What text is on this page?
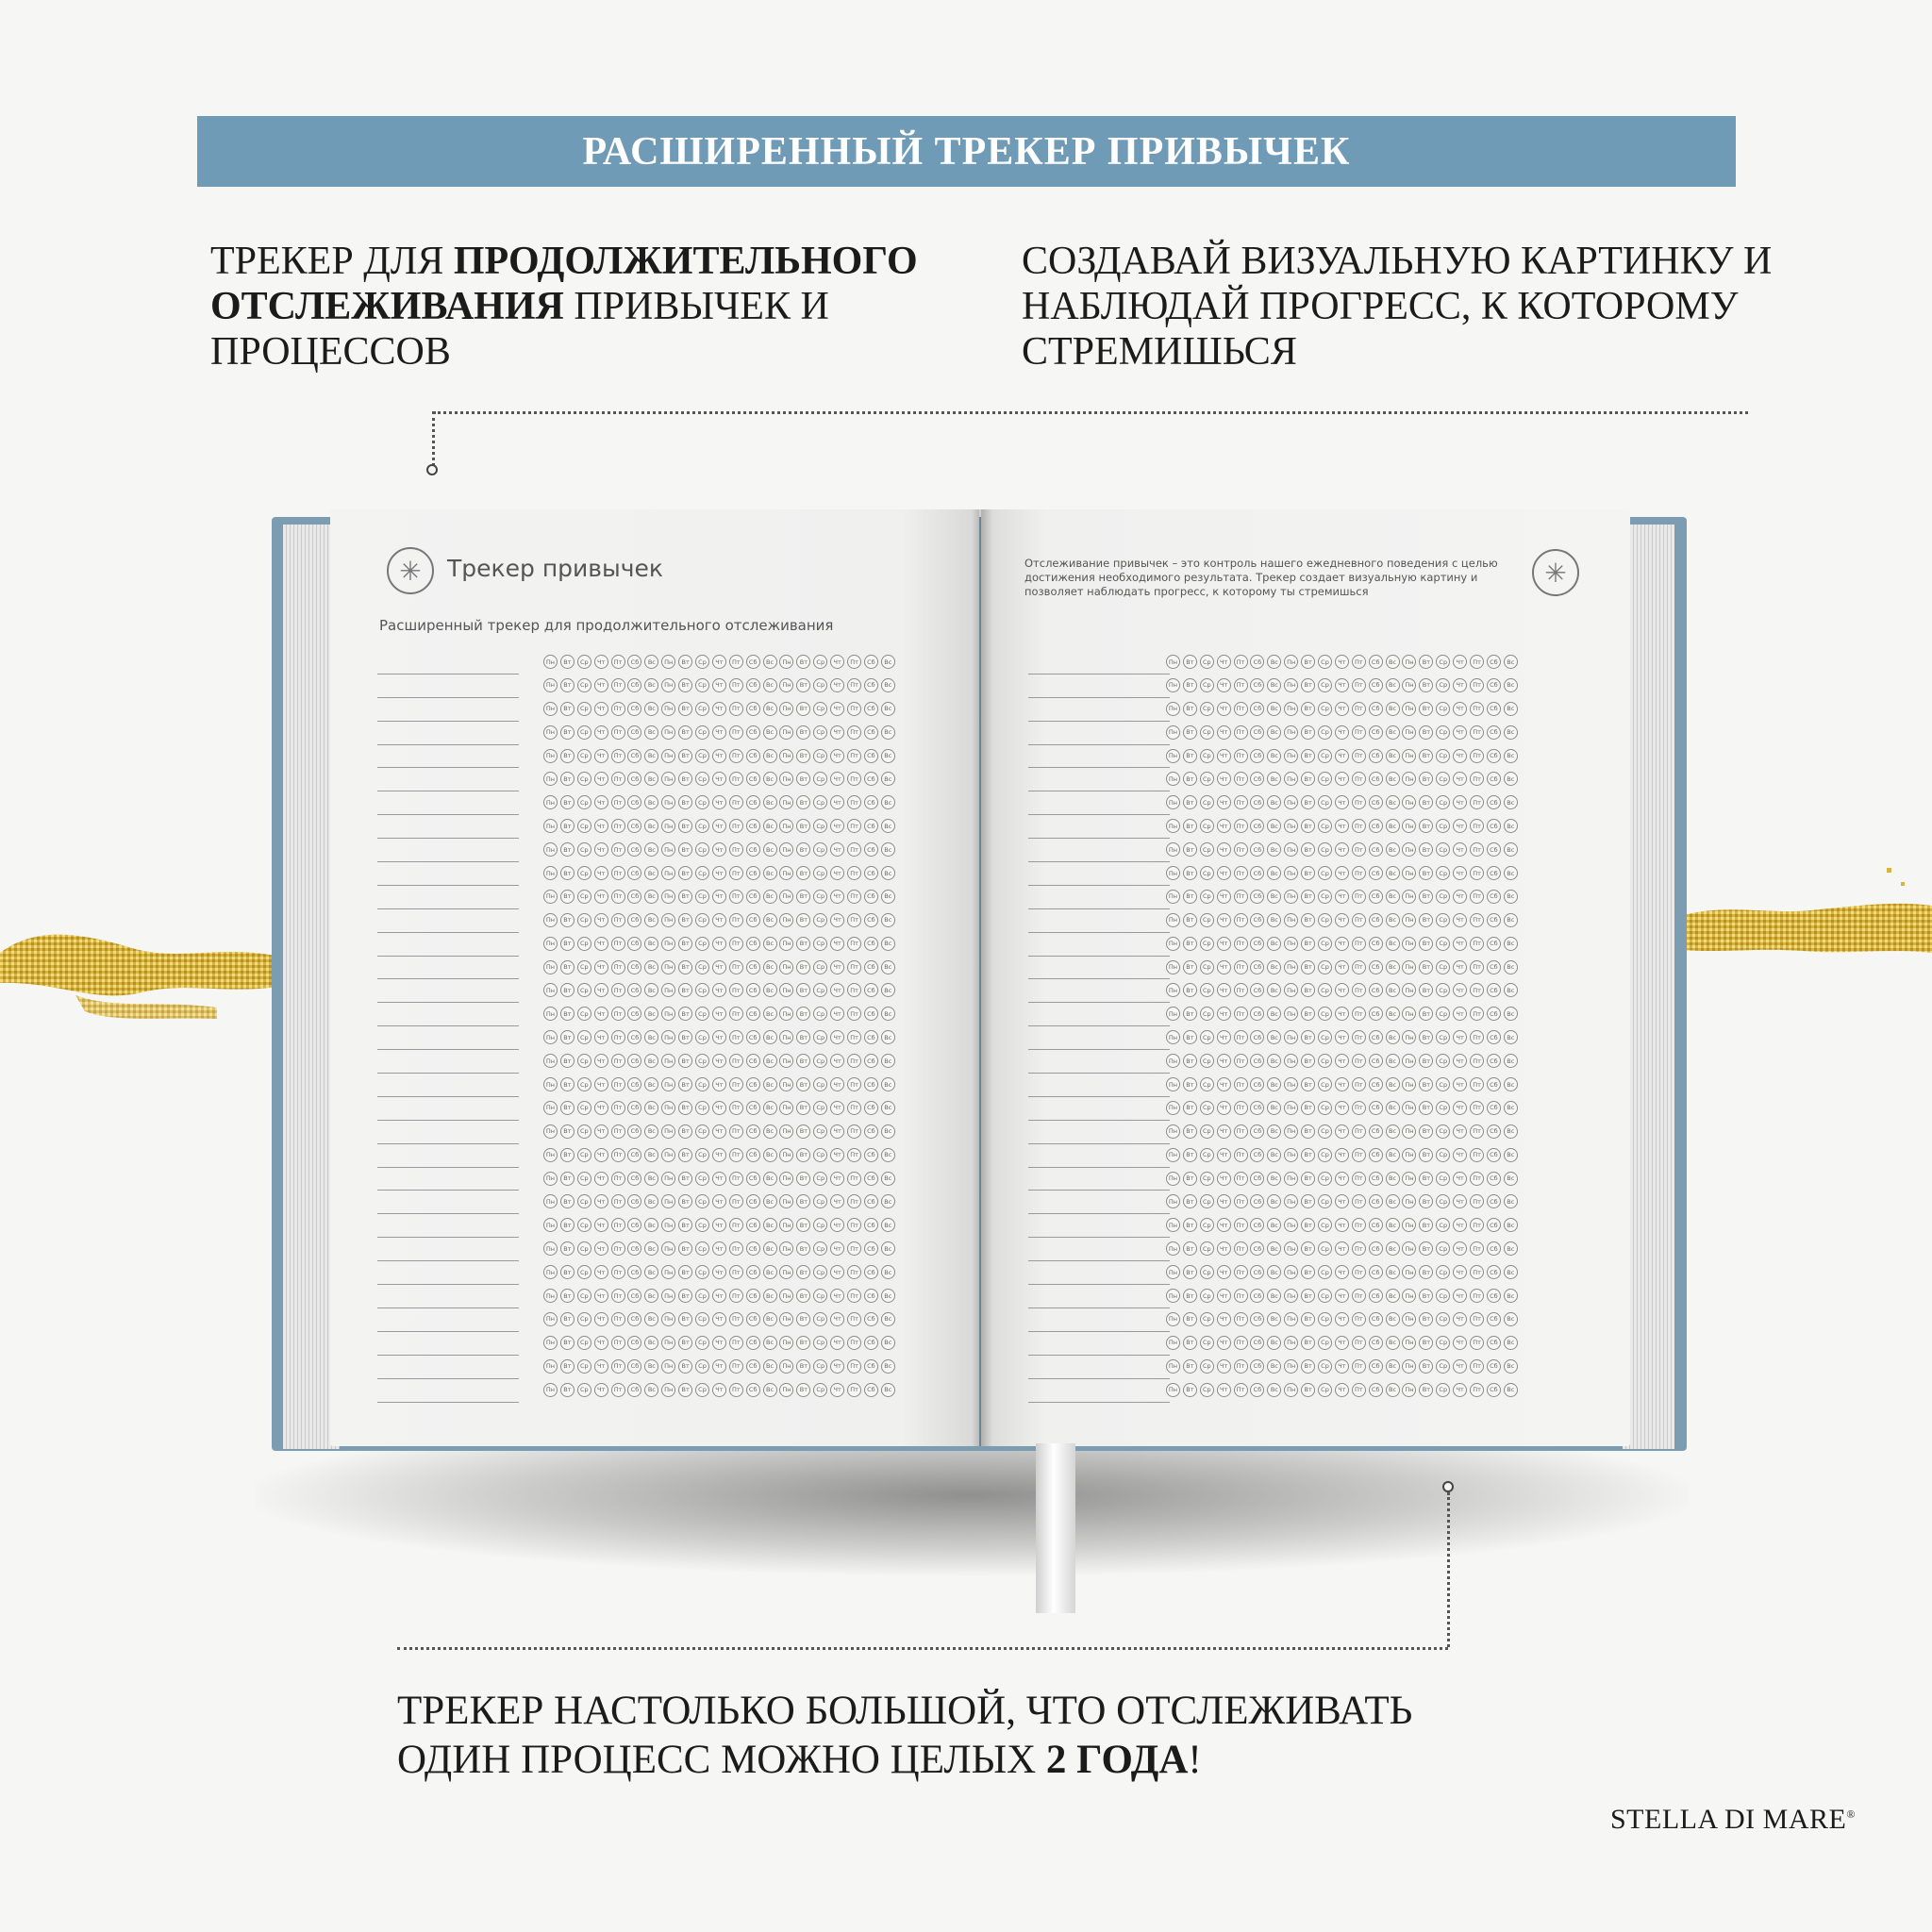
РАСШИРЕННЫЙ ТРЕКЕР ПРИВЫЧЕК
ТРЕКЕР ДЛЯ ПРОДОЛЖИТЕЛЬНОГО ОТСЛЕЖИВАНИЯ ПРИВЫЧЕК И ПРОЦЕССОВ
СОЗДАВАЙ ВИЗУАЛЬНУЮ КАРТИНКУ И НАБЛЮДАЙ ПРОГРЕСС, К КОТОРОМУ СТРЕМИШЬСЯ
✳	Трекер привычек
Расширенный трекер для продолжительного отслеживания
Пн	Вт	Ср	Чт	Пт	Сб	Вс	Пн	Вт	Ср	Чт	Пт	Сб	Вс	Пн	Вт	Ср	Чт	Пт	Сб	Вс
Пн	Вт	Ср	Чт	Пт	Сб	Вс	Пн	Вт	Ср	Чт	Пт	Сб	Вс	Пн	Вт	Ср	Чт	Пт	Сб	Вс
Пн	Вт	Ср	Чт	Пт	Сб	Вс	Пн	Вт	Ср	Чт	Пт	Сб	Вс	Пн	Вт	Ср	Чт	Пт	Сб	Вс
Пн	Вт	Ср	Чт	Пт	Сб	Вс	Пн	Вт	Ср	Чт	Пт	Сб	Вс	Пн	Вт	Ср	Чт	Пт	Сб	Вс
Пн	Вт	Ср	Чт	Пт	Сб	Вс	Пн	Вт	Ср	Чт	Пт	Сб	Вс	Пн	Вт	Ср	Чт	Пт	Сб	Вс
Пн	Вт	Ср	Чт	Пт	Сб	Вс	Пн	Вт	Ср	Чт	Пт	Сб	Вс	Пн	Вт	Ср	Чт	Пт	Сб	Вс
Пн	Вт	Ср	Чт	Пт	Сб	Вс	Пн	Вт	Ср	Чт	Пт	Сб	Вс	Пн	Вт	Ср	Чт	Пт	Сб	Вс
Пн	Вт	Ср	Чт	Пт	Сб	Вс	Пн	Вт	Ср	Чт	Пт	Сб	Вс	Пн	Вт	Ср	Чт	Пт	Сб	Вс
Пн	Вт	Ср	Чт	Пт	Сб	Вс	Пн	Вт	Ср	Чт	Пт	Сб	Вс	Пн	Вт	Ср	Чт	Пт	Сб	Вс
Пн	Вт	Ср	Чт	Пт	Сб	Вс	Пн	Вт	Ср	Чт	Пт	Сб	Вс	Пн	Вт	Ср	Чт	Пт	Сб	Вс
Пн	Вт	Ср	Чт	Пт	Сб	Вс	Пн	Вт	Ср	Чт	Пт	Сб	Вс	Пн	Вт	Ср	Чт	Пт	Сб	Вс
Пн	Вт	Ср	Чт	Пт	Сб	Вс	Пн	Вт	Ср	Чт	Пт	Сб	Вс	Пн	Вт	Ср	Чт	Пт	Сб	Вс
Пн	Вт	Ср	Чт	Пт	Сб	Вс	Пн	Вт	Ср	Чт	Пт	Сб	Вс	Пн	Вт	Ср	Чт	Пт	Сб	Вс
Пн	Вт	Ср	Чт	Пт	Сб	Вс	Пн	Вт	Ср	Чт	Пт	Сб	Вс	Пн	Вт	Ср	Чт	Пт	Сб	Вс
Пн	Вт	Ср	Чт	Пт	Сб	Вс	Пн	Вт	Ср	Чт	Пт	Сб	Вс	Пн	Вт	Ср	Чт	Пт	Сб	Вс
Пн	Вт	Ср	Чт	Пт	Сб	Вс	Пн	Вт	Ср	Чт	Пт	Сб	Вс	Пн	Вт	Ср	Чт	Пт	Сб	Вс
Пн	Вт	Ср	Чт	Пт	Сб	Вс	Пн	Вт	Ср	Чт	Пт	Сб	Вс	Пн	Вт	Ср	Чт	Пт	Сб	Вс
Пн	Вт	Ср	Чт	Пт	Сб	Вс	Пн	Вт	Ср	Чт	Пт	Сб	Вс	Пн	Вт	Ср	Чт	Пт	Сб	Вс
Пн	Вт	Ср	Чт	Пт	Сб	Вс	Пн	Вт	Ср	Чт	Пт	Сб	Вс	Пн	Вт	Ср	Чт	Пт	Сб	Вс
Пн	Вт	Ср	Чт	Пт	Сб	Вс	Пн	Вт	Ср	Чт	Пт	Сб	Вс	Пн	Вт	Ср	Чт	Пт	Сб	Вс
Пн	Вт	Ср	Чт	Пт	Сб	Вс	Пн	Вт	Ср	Чт	Пт	Сб	Вс	Пн	Вт	Ср	Чт	Пт	Сб	Вс
Пн	Вт	Ср	Чт	Пт	Сб	Вс	Пн	Вт	Ср	Чт	Пт	Сб	Вс	Пн	Вт	Ср	Чт	Пт	Сб	Вс
Пн	Вт	Ср	Чт	Пт	Сб	Вс	Пн	Вт	Ср	Чт	Пт	Сб	Вс	Пн	Вт	Ср	Чт	Пт	Сб	Вс
Пн	Вт	Ср	Чт	Пт	Сб	Вс	Пн	Вт	Ср	Чт	Пт	Сб	Вс	Пн	Вт	Ср	Чт	Пт	Сб	Вс
Пн	Вт	Ср	Чт	Пт	Сб	Вс	Пн	Вт	Ср	Чт	Пт	Сб	Вс	Пн	Вт	Ср	Чт	Пт	Сб	Вс
Пн	Вт	Ср	Чт	Пт	Сб	Вс	Пн	Вт	Ср	Чт	Пт	Сб	Вс	Пн	Вт	Ср	Чт	Пт	Сб	Вс
Пн	Вт	Ср	Чт	Пт	Сб	Вс	Пн	Вт	Ср	Чт	Пт	Сб	Вс	Пн	Вт	Ср	Чт	Пт	Сб	Вс
Пн	Вт	Ср	Чт	Пт	Сб	Вс	Пн	Вт	Ср	Чт	Пт	Сб	Вс	Пн	Вт	Ср	Чт	Пт	Сб	Вс
Пн	Вт	Ср	Чт	Пт	Сб	Вс	Пн	Вт	Ср	Чт	Пт	Сб	Вс	Пн	Вт	Ср	Чт	Пт	Сб	Вс
Пн	Вт	Ср	Чт	Пт	Сб	Вс	Пн	Вт	Ср	Чт	Пт	Сб	Вс	Пн	Вт	Ср	Чт	Пт	Сб	Вс
Пн	Вт	Ср	Чт	Пт	Сб	Вс	Пн	Вт	Ср	Чт	Пт	Сб	Вс	Пн	Вт	Ср	Чт	Пт	Сб	Вс
Пн	Вт	Ср	Чт	Пт	Сб	Вс	Пн	Вт	Ср	Чт	Пт	Сб	Вс	Пн	Вт	Ср	Чт	Пт	Сб	Вс
Отслеживание привычек – это контроль нашего ежедневного поведения с целью достижения необходимого результата. Трекер создает визуальную картину и позволяет наблюдать прогресс, к которому ты стремишься
✳
Пн	Вт	Ср	Чт	Пт	Сб	Вс	Пн	Вт	Ср	Чт	Пт	Сб	Вс	Пн	Вт	Ср	Чт	Пт	Сб	Вс
Пн	Вт	Ср	Чт	Пт	Сб	Вс	Пн	Вт	Ср	Чт	Пт	Сб	Вс	Пн	Вт	Ср	Чт	Пт	Сб	Вс
Пн	Вт	Ср	Чт	Пт	Сб	Вс	Пн	Вт	Ср	Чт	Пт	Сб	Вс	Пн	Вт	Ср	Чт	Пт	Сб	Вс
Пн	Вт	Ср	Чт	Пт	Сб	Вс	Пн	Вт	Ср	Чт	Пт	Сб	Вс	Пн	Вт	Ср	Чт	Пт	Сб	Вс
Пн	Вт	Ср	Чт	Пт	Сб	Вс	Пн	Вт	Ср	Чт	Пт	Сб	Вс	Пн	Вт	Ср	Чт	Пт	Сб	Вс
Пн	Вт	Ср	Чт	Пт	Сб	Вс	Пн	Вт	Ср	Чт	Пт	Сб	Вс	Пн	Вт	Ср	Чт	Пт	Сб	Вс
Пн	Вт	Ср	Чт	Пт	Сб	Вс	Пн	Вт	Ср	Чт	Пт	Сб	Вс	Пн	Вт	Ср	Чт	Пт	Сб	Вс
Пн	Вт	Ср	Чт	Пт	Сб	Вс	Пн	Вт	Ср	Чт	Пт	Сб	Вс	Пн	Вт	Ср	Чт	Пт	Сб	Вс
Пн	Вт	Ср	Чт	Пт	Сб	Вс	Пн	Вт	Ср	Чт	Пт	Сб	Вс	Пн	Вт	Ср	Чт	Пт	Сб	Вс
Пн	Вт	Ср	Чт	Пт	Сб	Вс	Пн	Вт	Ср	Чт	Пт	Сб	Вс	Пн	Вт	Ср	Чт	Пт	Сб	Вс
Пн	Вт	Ср	Чт	Пт	Сб	Вс	Пн	Вт	Ср	Чт	Пт	Сб	Вс	Пн	Вт	Ср	Чт	Пт	Сб	Вс
Пн	Вт	Ср	Чт	Пт	Сб	Вс	Пн	Вт	Ср	Чт	Пт	Сб	Вс	Пн	Вт	Ср	Чт	Пт	Сб	Вс
Пн	Вт	Ср	Чт	Пт	Сб	Вс	Пн	Вт	Ср	Чт	Пт	Сб	Вс	Пн	Вт	Ср	Чт	Пт	Сб	Вс
Пн	Вт	Ср	Чт	Пт	Сб	Вс	Пн	Вт	Ср	Чт	Пт	Сб	Вс	Пн	Вт	Ср	Чт	Пт	Сб	Вс
Пн	Вт	Ср	Чт	Пт	Сб	Вс	Пн	Вт	Ср	Чт	Пт	Сб	Вс	Пн	Вт	Ср	Чт	Пт	Сб	Вс
Пн	Вт	Ср	Чт	Пт	Сб	Вс	Пн	Вт	Ср	Чт	Пт	Сб	Вс	Пн	Вт	Ср	Чт	Пт	Сб	Вс
Пн	Вт	Ср	Чт	Пт	Сб	Вс	Пн	Вт	Ср	Чт	Пт	Сб	Вс	Пн	Вт	Ср	Чт	Пт	Сб	Вс
Пн	Вт	Ср	Чт	Пт	Сб	Вс	Пн	Вт	Ср	Чт	Пт	Сб	Вс	Пн	Вт	Ср	Чт	Пт	Сб	Вс
Пн	Вт	Ср	Чт	Пт	Сб	Вс	Пн	Вт	Ср	Чт	Пт	Сб	Вс	Пн	Вт	Ср	Чт	Пт	Сб	Вс
Пн	Вт	Ср	Чт	Пт	Сб	Вс	Пн	Вт	Ср	Чт	Пт	Сб	Вс	Пн	Вт	Ср	Чт	Пт	Сб	Вс
Пн	Вт	Ср	Чт	Пт	Сб	Вс	Пн	Вт	Ср	Чт	Пт	Сб	Вс	Пн	Вт	Ср	Чт	Пт	Сб	Вс
Пн	Вт	Ср	Чт	Пт	Сб	Вс	Пн	Вт	Ср	Чт	Пт	Сб	Вс	Пн	Вт	Ср	Чт	Пт	Сб	Вс
Пн	Вт	Ср	Чт	Пт	Сб	Вс	Пн	Вт	Ср	Чт	Пт	Сб	Вс	Пн	Вт	Ср	Чт	Пт	Сб	Вс
Пн	Вт	Ср	Чт	Пт	Сб	Вс	Пн	Вт	Ср	Чт	Пт	Сб	Вс	Пн	Вт	Ср	Чт	Пт	Сб	Вс
Пн	Вт	Ср	Чт	Пт	Сб	Вс	Пн	Вт	Ср	Чт	Пт	Сб	Вс	Пн	Вт	Ср	Чт	Пт	Сб	Вс
Пн	Вт	Ср	Чт	Пт	Сб	Вс	Пн	Вт	Ср	Чт	Пт	Сб	Вс	Пн	Вт	Ср	Чт	Пт	Сб	Вс
Пн	Вт	Ср	Чт	Пт	Сб	Вс	Пн	Вт	Ср	Чт	Пт	Сб	Вс	Пн	Вт	Ср	Чт	Пт	Сб	Вс
Пн	Вт	Ср	Чт	Пт	Сб	Вс	Пн	Вт	Ср	Чт	Пт	Сб	Вс	Пн	Вт	Ср	Чт	Пт	Сб	Вс
Пн	Вт	Ср	Чт	Пт	Сб	Вс	Пн	Вт	Ср	Чт	Пт	Сб	Вс	Пн	Вт	Ср	Чт	Пт	Сб	Вс
Пн	Вт	Ср	Чт	Пт	Сб	Вс	Пн	Вт	Ср	Чт	Пт	Сб	Вс	Пн	Вт	Ср	Чт	Пт	Сб	Вс
Пн	Вт	Ср	Чт	Пт	Сб	Вс	Пн	Вт	Ср	Чт	Пт	Сб	Вс	Пн	Вт	Ср	Чт	Пт	Сб	Вс
Пн	Вт	Ср	Чт	Пт	Сб	Вс	Пн	Вт	Ср	Чт	Пт	Сб	Вс	Пн	Вт	Ср	Чт	Пт	Сб	Вс
ТРЕКЕР НАСТОЛЬКО БОЛЬШОЙ, ЧТО ОТСЛЕЖИВАТЬ ОДИН ПРОЦЕСС МОЖНО ЦЕЛЫХ 2 ГОДА!
STELLA DI MARE®
